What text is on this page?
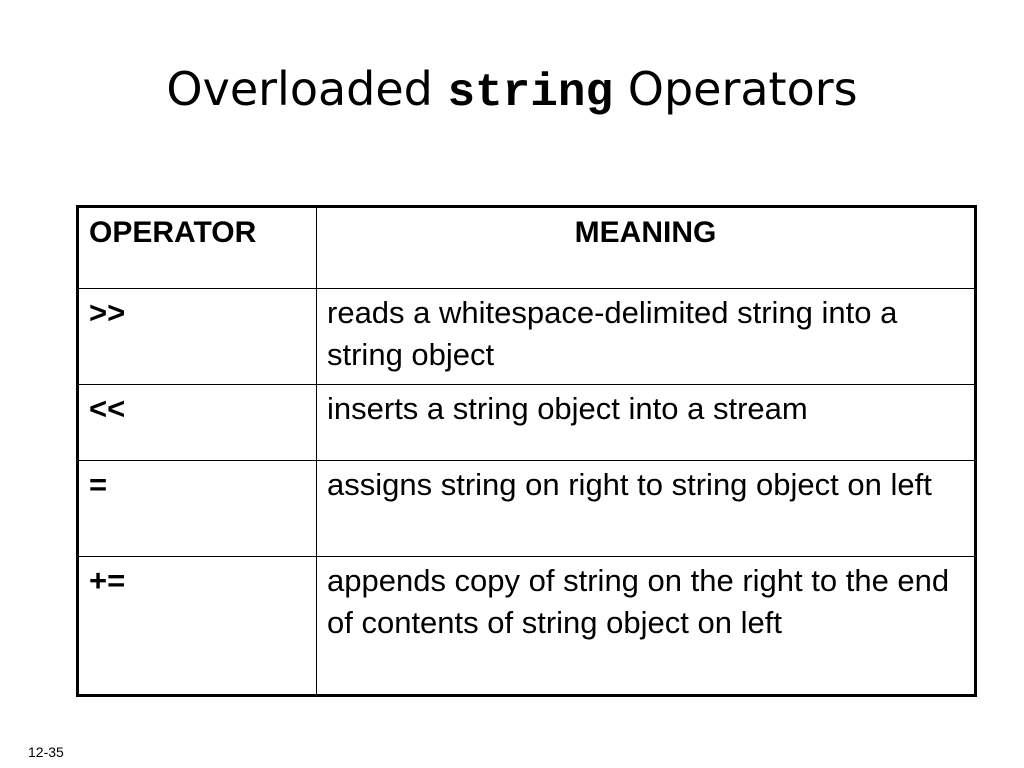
Overloaded string Operators
OPERATOR	MEANING
>>	reads a whitespace-delimited string into a string object
<<	inserts a string object into a stream
=	assigns string on right to string object on left
+=	appends copy of string on the right to the end of contents of string object on left
12-35
